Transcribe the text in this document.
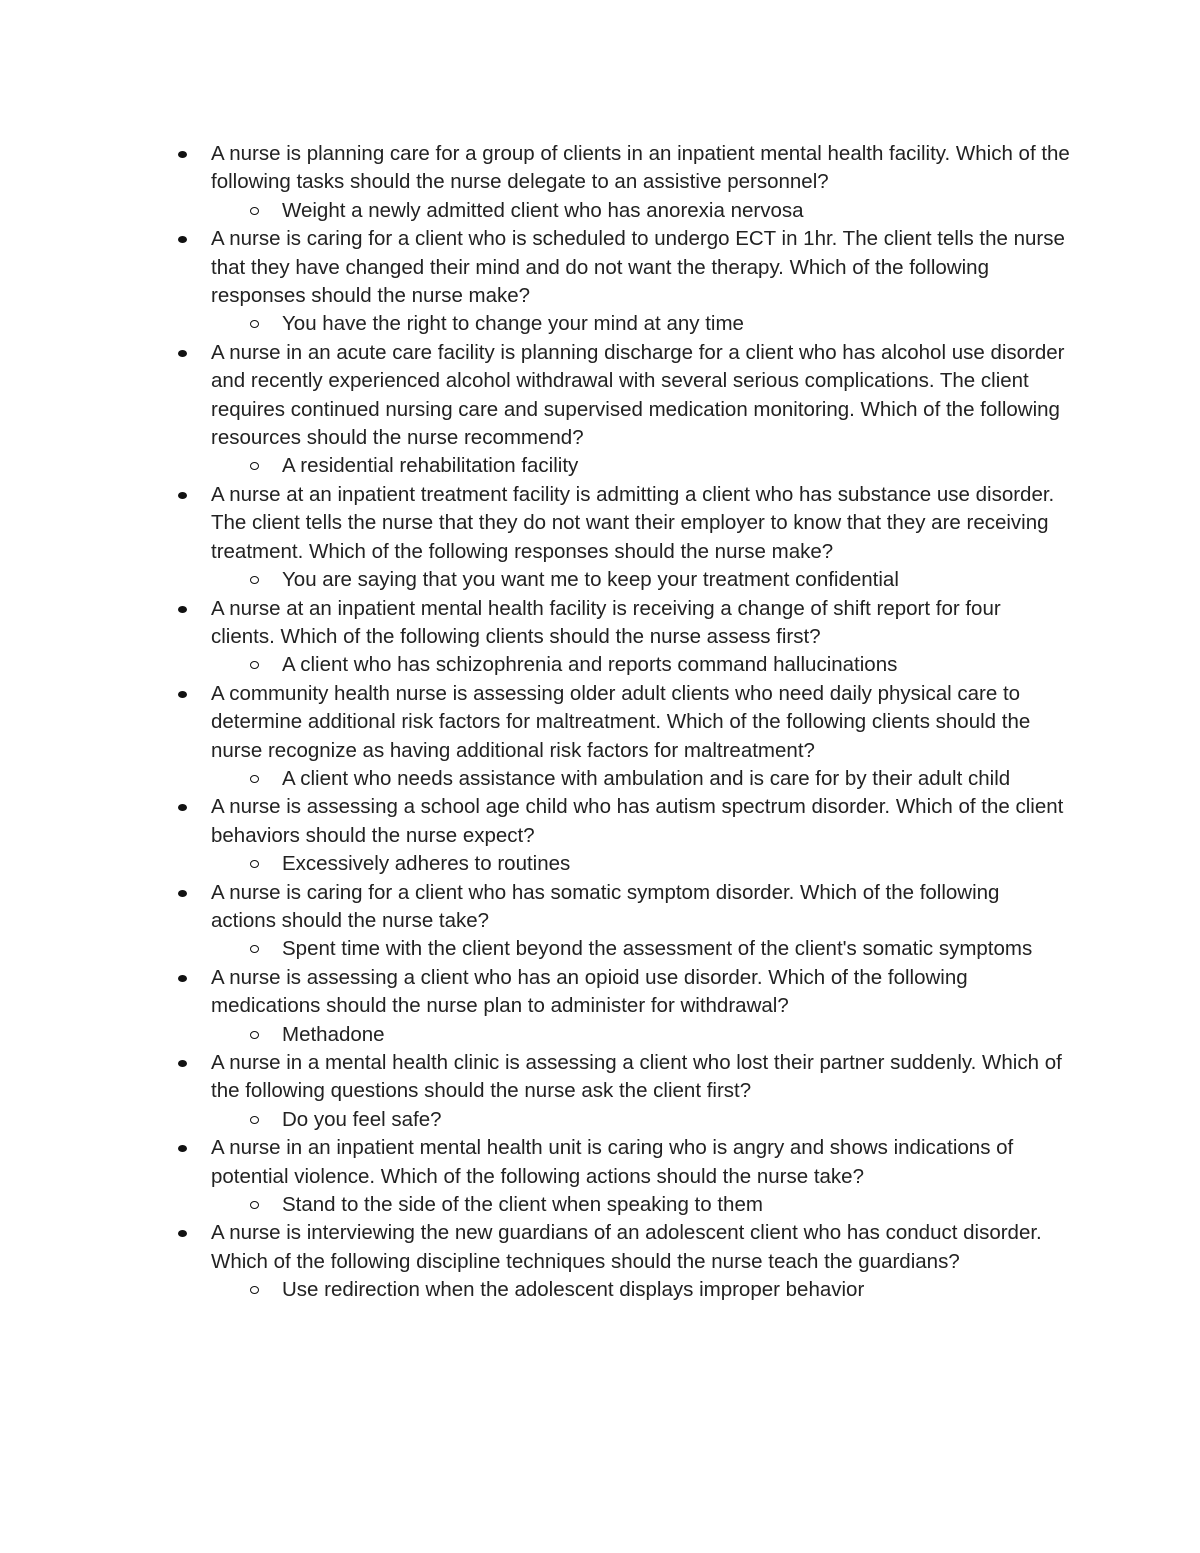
A nurse is planning care for a group of clients in an inpatient mental health facility. Which of the following tasks should the nurse delegate to an assistive personnel?
Weight a newly admitted client who has anorexia nervosa
A nurse is caring for a client who is scheduled to undergo ECT in 1hr. The client tells the nurse that they have changed their mind and do not want the therapy. Which of the following responses should the nurse make?
You have the right to change your mind at any time
A nurse in an acute care facility is planning discharge for a client who has alcohol use disorder and recently experienced alcohol withdrawal with several serious complications. The client requires continued nursing care and supervised medication monitoring. Which of the following resources should the nurse recommend?
A residential rehabilitation facility
A nurse at an inpatient treatment facility is admitting a client who has substance use disorder. The client tells the nurse that they do not want their employer to know that they are receiving treatment. Which of the following responses should the nurse make?
You are saying that you want me to keep your treatment confidential
A nurse at an inpatient mental health facility is receiving a change of shift report for four clients. Which of the following clients should the nurse assess first?
A client who has schizophrenia and reports command hallucinations
A community health nurse is assessing older adult clients who need daily physical care to determine additional risk factors for maltreatment. Which of the following clients should the nurse recognize as having additional risk factors for maltreatment?
A client who needs assistance with ambulation and is care for by their adult child
A nurse is assessing a school age child who has autism spectrum disorder. Which of the client behaviors should the nurse expect?
Excessively adheres to routines
A nurse is caring for a client who has somatic symptom disorder. Which of the following actions should the nurse take?
Spent time with the client beyond the assessment of the client's somatic symptoms
A nurse is assessing a client who has an opioid use disorder. Which of the following medications should the nurse plan to administer for withdrawal?
Methadone
A nurse in a mental health clinic is assessing a client who lost their partner suddenly. Which of the following questions should the nurse ask the client first?
Do you feel safe?
A nurse in an inpatient mental health unit is caring who is angry and shows indications of potential violence. Which of the following actions should the nurse take?
Stand to the side of the client when speaking to them
A nurse is interviewing the new guardians of an adolescent client who has conduct disorder. Which of the following discipline techniques should the nurse teach the guardians?
Use redirection when the adolescent displays improper behavior
